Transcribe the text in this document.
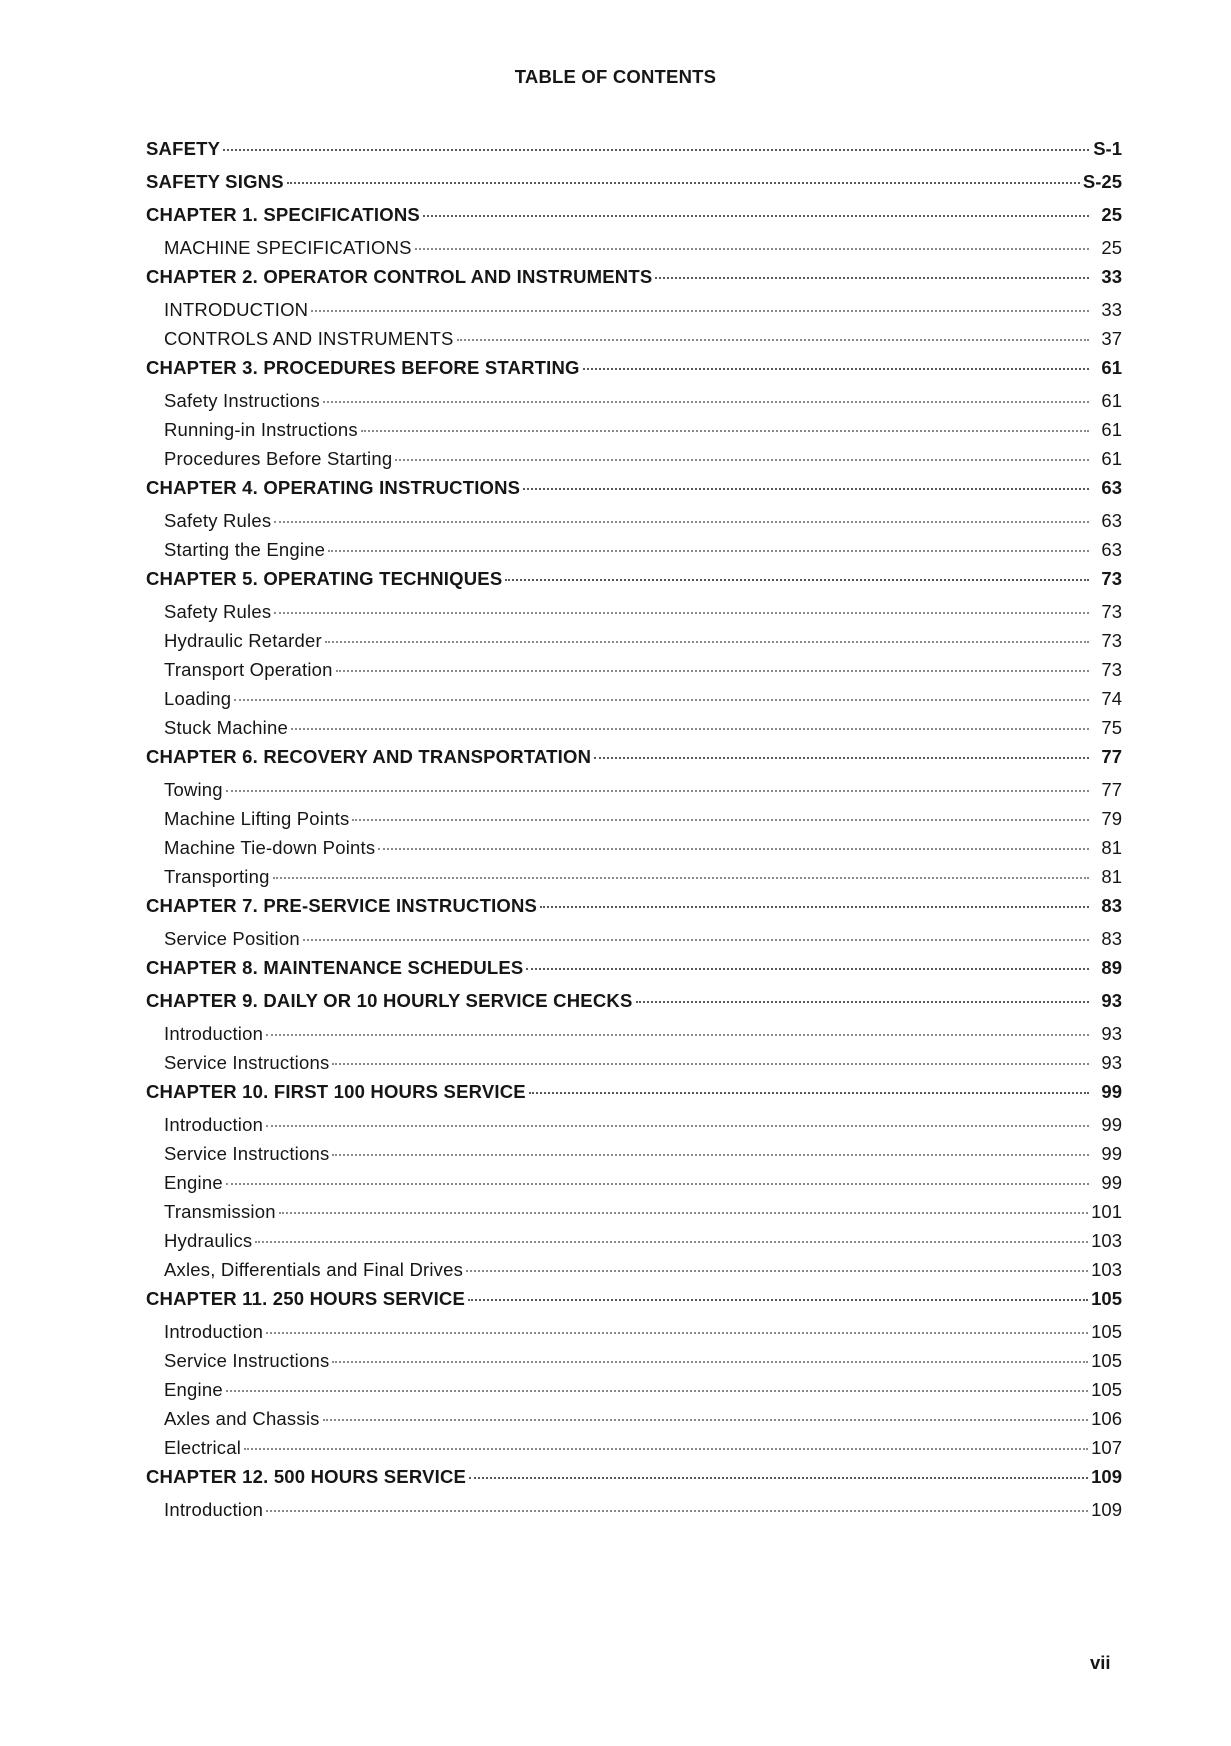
TABLE OF CONTENTS
SAFETY	S-1
SAFETY SIGNS	S-25
CHAPTER 1. SPECIFICATIONS	25
MACHINE SPECIFICATIONS	25
CHAPTER 2. OPERATOR CONTROL AND INSTRUMENTS	33
INTRODUCTION	33
CONTROLS AND INSTRUMENTS	37
CHAPTER 3. PROCEDURES BEFORE STARTING	61
Safety Instructions	61
Running-in Instructions	61
Procedures Before Starting	61
CHAPTER 4. OPERATING INSTRUCTIONS	63
Safety Rules	63
Starting the Engine	63
CHAPTER 5. OPERATING TECHNIQUES	73
Safety Rules	73
Hydraulic Retarder	73
Transport Operation	73
Loading	74
Stuck Machine	75
CHAPTER 6. RECOVERY AND TRANSPORTATION	77
Towing	77
Machine Lifting Points	79
Machine Tie-down Points	81
Transporting	81
CHAPTER 7. PRE-SERVICE INSTRUCTIONS	83
Service Position	83
CHAPTER 8. MAINTENANCE SCHEDULES	89
CHAPTER 9. DAILY OR 10 HOURLY SERVICE CHECKS	93
Introduction	93
Service Instructions	93
CHAPTER 10. FIRST 100 HOURS SERVICE	99
Introduction	99
Service Instructions	99
Engine	99
Transmission	101
Hydraulics	103
Axles, Differentials and Final Drives	103
CHAPTER 11. 250 HOURS SERVICE	105
Introduction	105
Service Instructions	105
Engine	105
Axles and Chassis	106
Electrical	107
CHAPTER 12. 500 HOURS SERVICE	109
Introduction	109
vii
